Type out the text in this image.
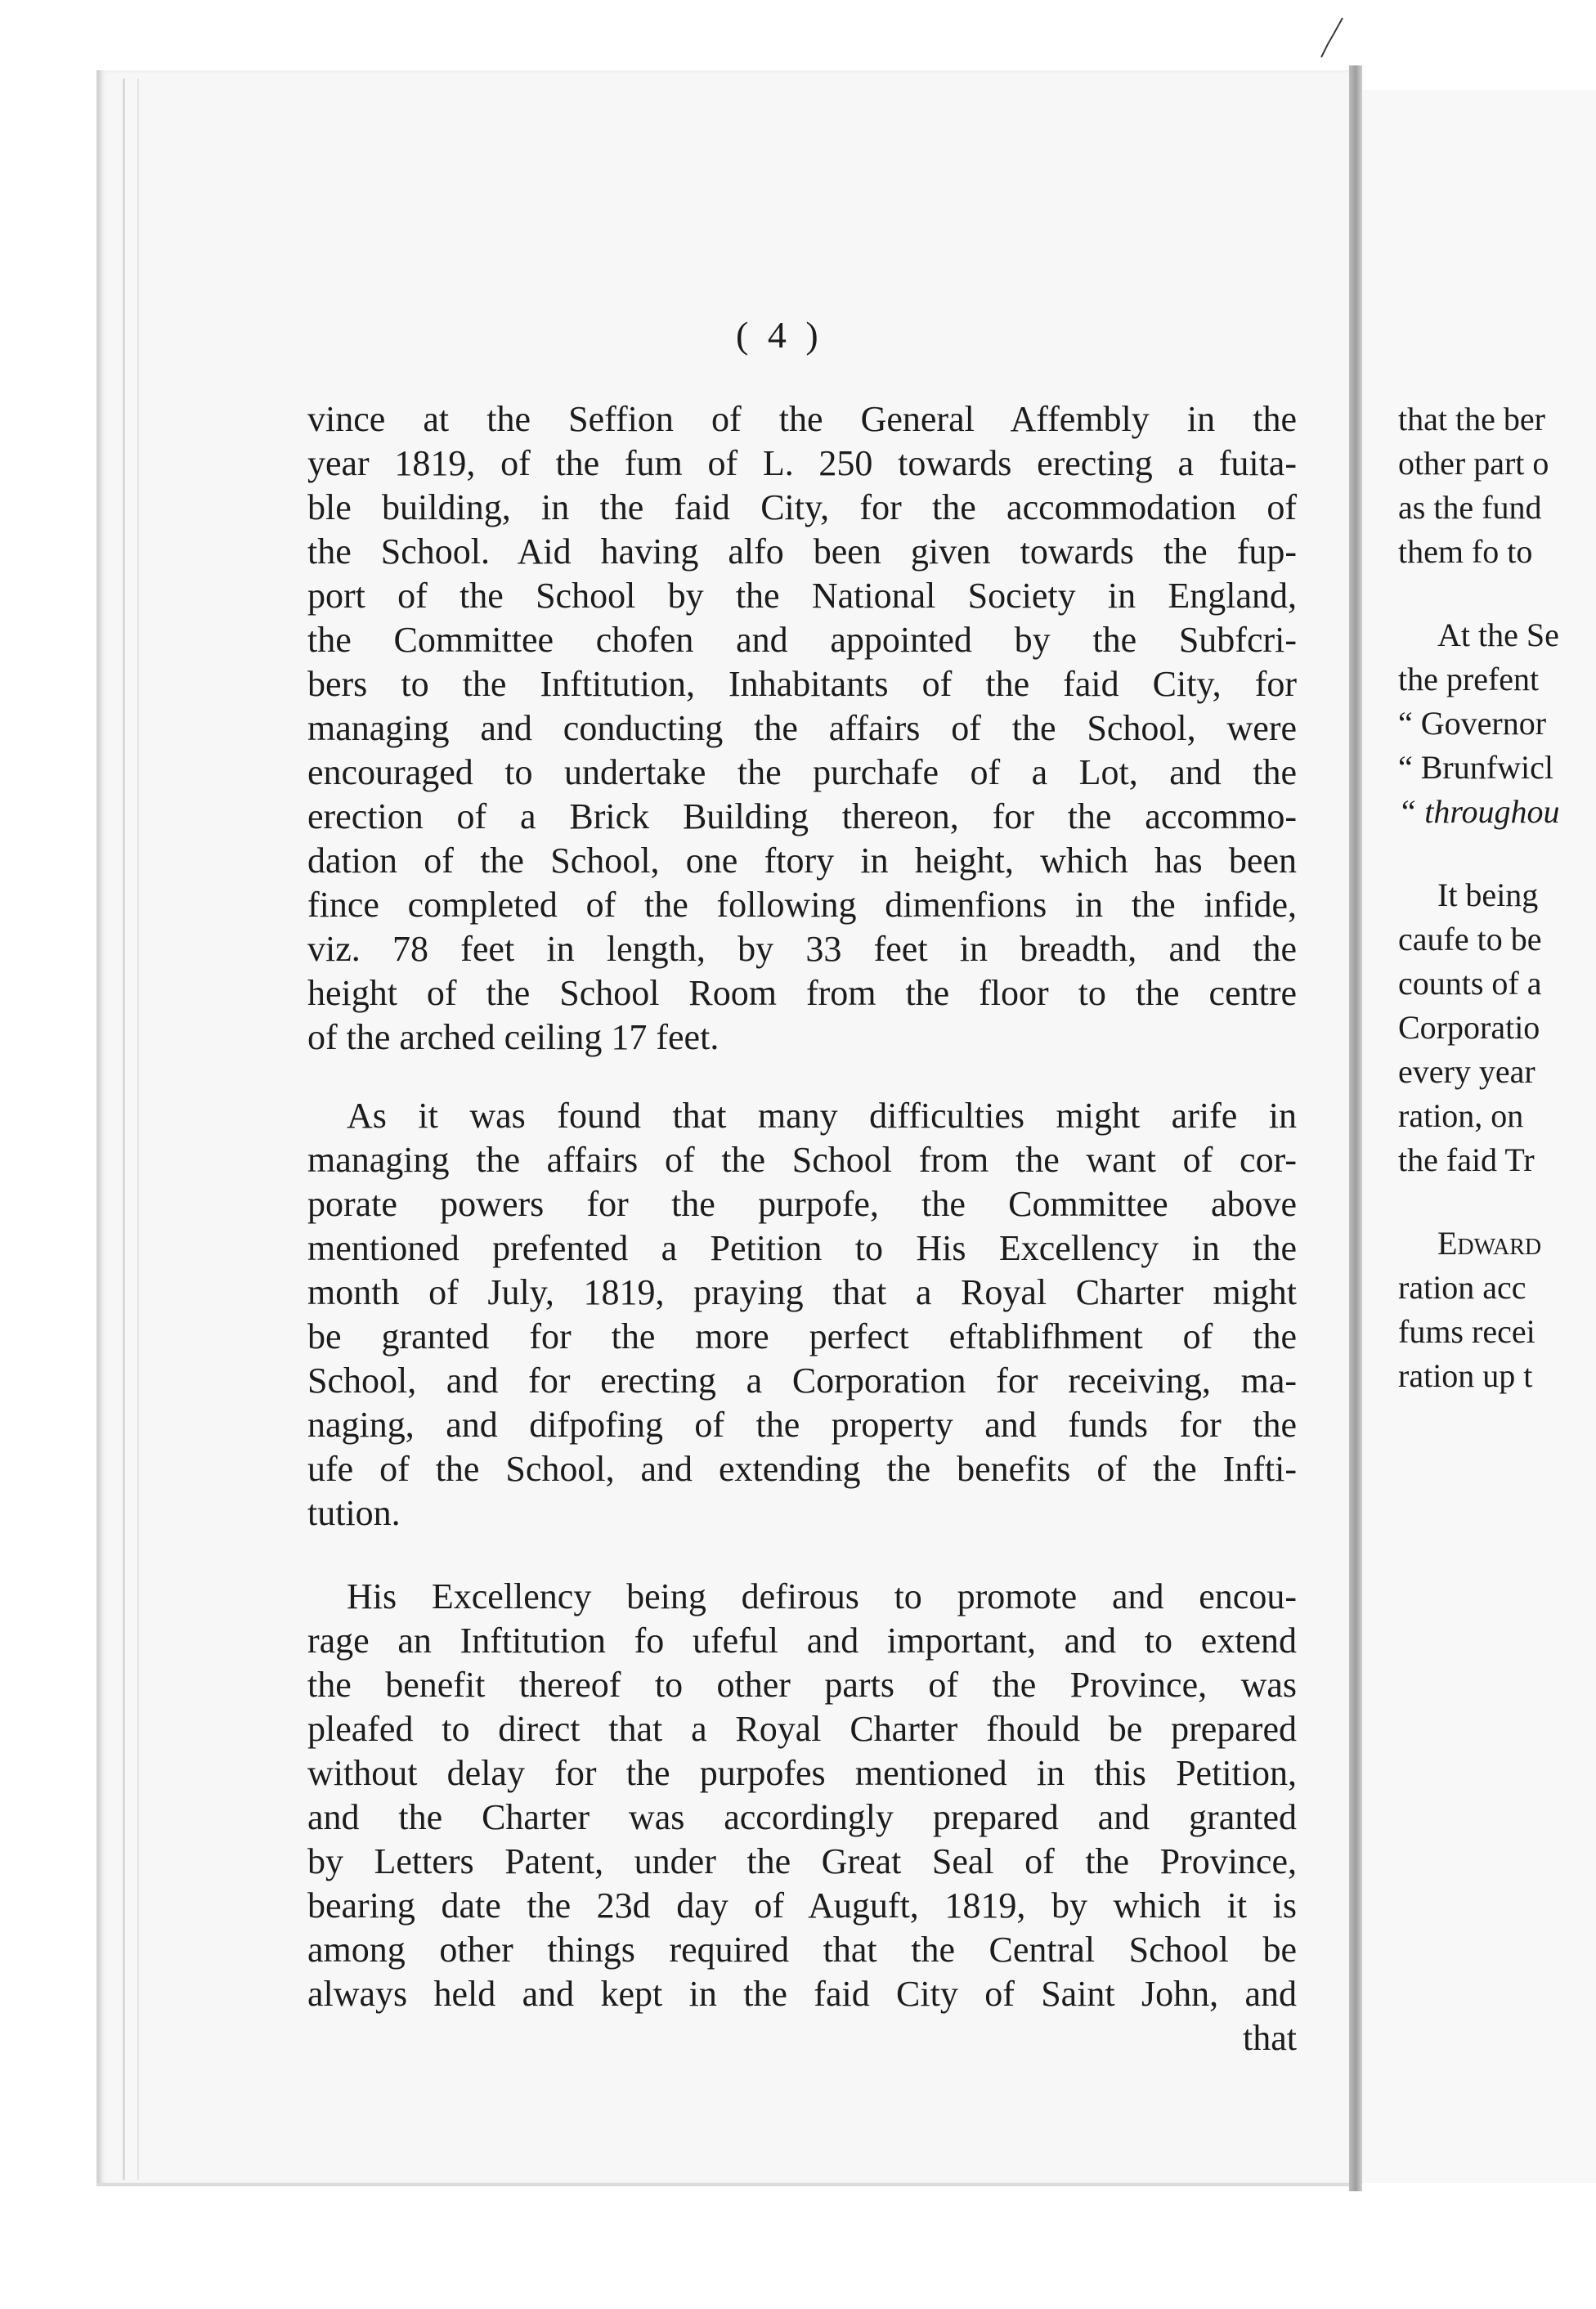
( 4 )
vince at the Seffion of the General Affembly in the
year 1819, of the fum of L. 250 towards erecting a fuita-
ble building, in the faid City, for the accommodation of
the School. Aid having alfo been given towards the fup-
port of the School by the National Society in England,
the Committee chofen and appointed by the Subfcri-
bers to the Inftitution, Inhabitants of the faid City, for
managing and conducting the affairs of the School, were
encouraged to undertake the purchafe of a Lot, and the
erection of a Brick Building thereon, for the accommo-
dation of the School, one ftory in height, which has been
fince completed of the following dimenfions in the infide,
viz. 78 feet in length, by 33 feet in breadth, and the
height of the School Room from the floor to the centre
of the arched ceiling 17 feet.
As it was found that many difficulties might arife in
managing the affairs of the School from the want of cor-
porate powers for the purpofe, the Committee above
mentioned prefented a Petition to His Excellency in the
month of July, 1819, praying that a Royal Charter might
be granted for the more perfect eftablifhment of the
School, and for erecting a Corporation for receiving, ma-
naging, and difpofing of the property and funds for the
ufe of the School, and extending the benefits of the Infti-
tution.
His Excellency being defirous to promote and encou-
rage an Inftitution fo ufeful and important, and to extend
the benefit thereof to other parts of the Province, was
pleafed to direct that a Royal Charter fhould be prepared
without delay for the purpofes mentioned in this Petition,
and the Charter was accordingly prepared and granted
by Letters Patent, under the Great Seal of the Province,
bearing date the 23d day of Auguft, 1819, by which it is
among other things required that the Central School be
always held and kept in the faid City of Saint John, and
that
that the ber
other part o
as the fund
them fo to
At the Se
the prefent
“ Governor
“ Brunfwicl
“ throughou
It being
caufe to be
counts of a
Corporatio
every year
ration, on
the faid Tr
Edward
ration acc
fums recei
ration up t
